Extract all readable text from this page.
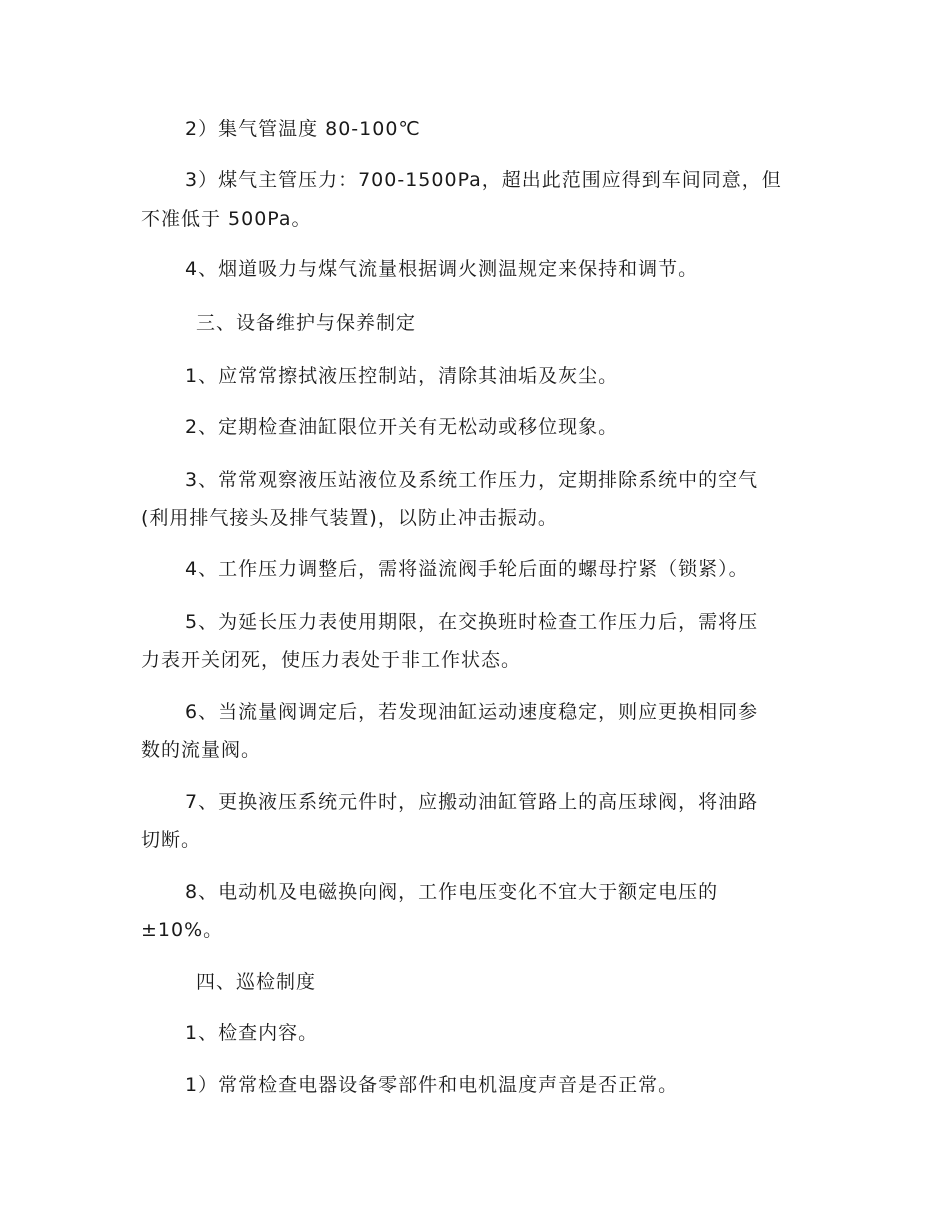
2）集气管温度 80-100℃
3）煤气主管压力：700-1500Pa，超出此范围应得到车间同意，但
不准低于 500Pa。
4、烟道吸力与煤气流量根据调火测温规定来保持和调节。
三、设备维护与保养制定
1、应常常擦拭液压控制站，清除其油垢及灰尘。
2、定期检查油缸限位开关有无松动或移位现象。
3、常常观察液压站液位及系统工作压力，定期排除系统中的空气
(利用排气接头及排气装置)，以防止冲击振动。
4、工作压力调整后，需将溢流阀手轮后面的螺母拧紧（锁紧）。
5、为延长压力表使用期限，在交换班时检查工作压力后，需将压
力表开关闭死，使压力表处于非工作状态。
6、当流量阀调定后，若发现油缸运动速度稳定，则应更换相同参
数的流量阀。
7、更换液压系统元件时，应搬动油缸管路上的高压球阀，将油路
切断。
8、电动机及电磁换向阀，工作电压变化不宜大于额定电压的
±10%。
四、巡检制度
1、检查内容。
1）常常检查电器设备零部件和电机温度声音是否正常。
